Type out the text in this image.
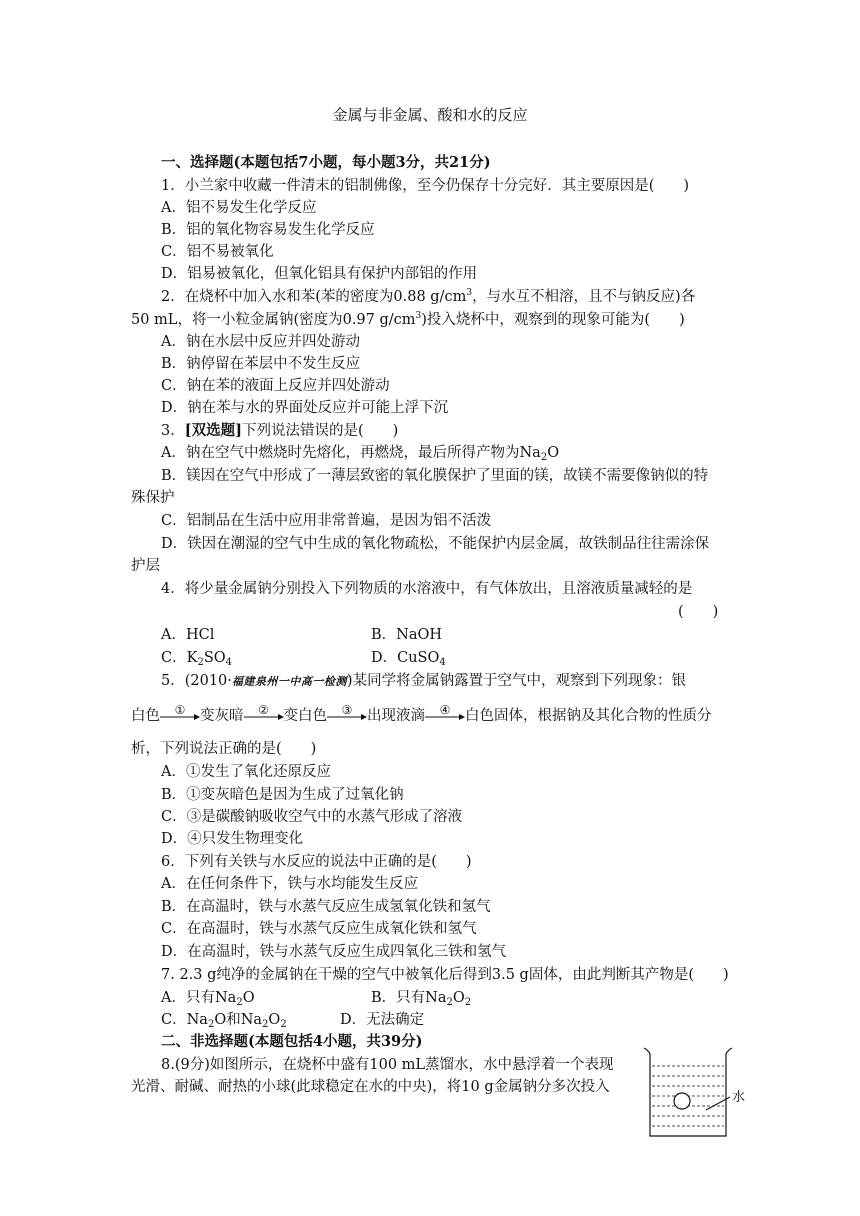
金属与非金属、酸和水的反应
一、选择题(本题包括7小题，每小题3分，共21分)
1．小兰家中收藏一件清末的铝制佛像，至今仍保存十分完好．其主要原因是(　　)
A．铝不易发生化学反应
B．铝的氧化物容易发生化学反应
C．铝不易被氧化
D．铝易被氧化，但氧化铝具有保护内部铝的作用
2．在烧杯中加入水和苯(苯的密度为0.88 $g/cm^3$，与水互不相溶，且不与钠反应)各
50 mL，将一小粒金属钠(密度为0.97 $g/cm^3$)投入烧杯中，观察到的现象可能为(　　)
A．钠在水层中反应并四处游动
B．钠停留在苯层中不发生反应
C．钠在苯的液面上反应并四处游动
D．钠在苯与水的界面处反应并可能上浮下沉
3．[双选题]下列说法错误的是(　　)
A．钠在空气中燃烧时先熔化，再燃烧，最后所得产物为$Na_2O$
B．镁因在空气中形成了一薄层致密的氧化膜保护了里面的镁，故镁不需要像钠似的特
殊保护
C．铝制品在生活中应用非常普遍，是因为铝不活泼
D．铁因在潮湿的空气中生成的氧化物疏松，不能保护内层金属，故铁制品往往需涂保
护层
4．将少量金属钠分别投入下列物质的水溶液中，有气体放出，且溶液质量减轻的是
(　　)
A．HCl	B．NaOH
C．$K_2SO_4$	D．CuSO$_4$
5．(2010·福建泉州一中高一检测)某同学将金属钠露置于空气中，观察到下列现象：银
白色	①	变灰暗	②	变白色	③	出现液滴	④	白色固体，根据钠及其化合物的性质分
析，下列说法正确的是(　　)
A．①发生了氧化还原反应
B．①变灰暗色是因为生成了过氧化钠
C．③是碳酸钠吸收空气中的水蒸气形成了溶液
D．④只发生物理变化
6．下列有关铁与水反应的说法中正确的是(　　)
A．在任何条件下，铁与水均能发生反应
B．在高温时，铁与水蒸气反应生成氢氧化铁和氢气
C．在高温时，铁与水蒸气反应生成氧化铁和氢气
D．在高温时，铁与水蒸气反应生成四氧化三铁和氢气
7. 2.3 g纯净的金属钠在干燥的空气中被氧化后得到3.5 g固体，由此判断其产物是(　　)
A．只有$Na_2O$	B．只有$Na_2O_2$
C．$Na_2O$和$Na_2O_2$	D．无法确定
二、非选择题(本题包括4小题，共39分)
8.(9分)如图所示，在烧杯中盛有100 mL蒸馏水，水中悬浮着一个表现
光滑、耐碱、耐热的小球(此球稳定在水的中央)，将10 g金属钠分多次投入
水
